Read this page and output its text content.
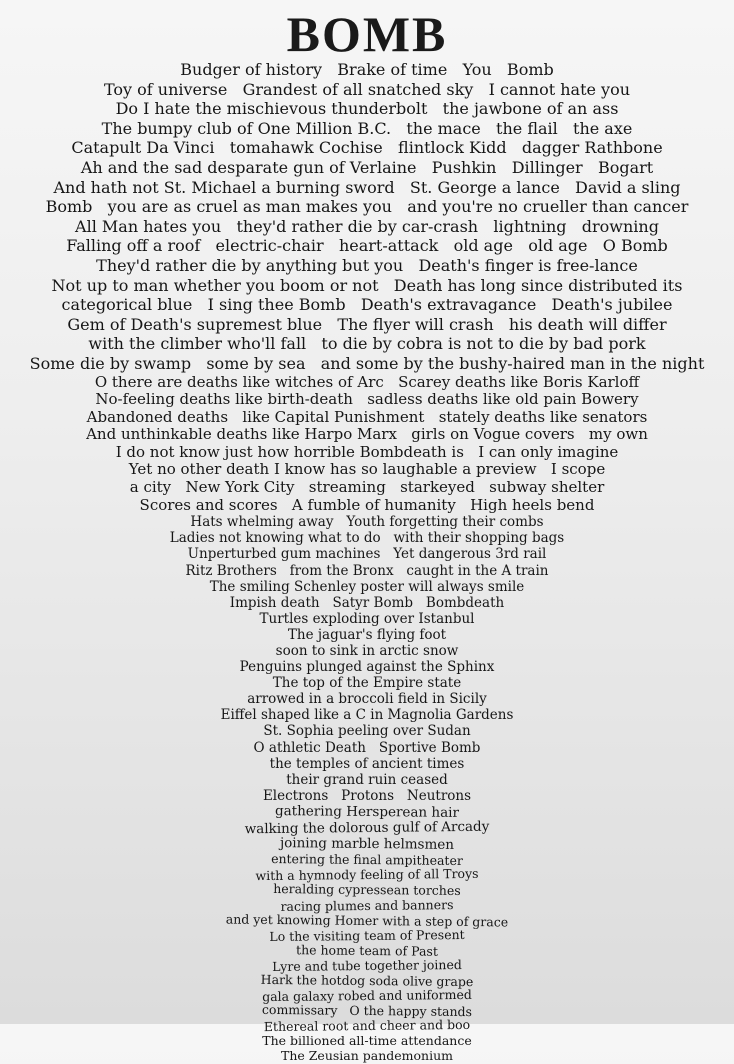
BOMB
Budger of history   Brake of time   You   Bomb
Toy of universe   Grandest of all snatched sky   I cannot hate you
Do I hate the mischievous thunderbolt   the jawbone of an ass
The bumpy club of One Million B.C.   the mace   the flail   the axe
Catapult Da Vinci   tomahawk Cochise   flintlock Kidd   dagger Rathbone
Ah and the sad desparate gun of Verlaine   Pushkin   Dillinger   Bogart
And hath not St. Michael a burning sword   St. George a lance   David a sling
Bomb   you are as cruel as man makes you   and you're no crueller than cancer
All Man hates you   they'd rather die by car-crash   lightning   drowning
Falling off a roof   electric-chair   heart-attack   old age   old age   O Bomb
They'd rather die by anything but you   Death's finger is free-lance
Not up to man whether you boom or not   Death has long since distributed its
categorical blue   I sing thee Bomb   Death's extravagance   Death's jubilee
Gem of Death's supremest blue   The flyer will crash   his death will differ
with the climber who'll fall   to die by cobra is not to die by bad pork
Some die by swamp   some by sea   and some by the bushy-haired man in the night
O there are deaths like witches of Arc   Scarey deaths like Boris Karloff
No-feeling deaths like birth-death   sadless deaths like old pain Bowery
Abandoned deaths   like Capital Punishment   stately deaths like senators
And unthinkable deaths like Harpo Marx   girls on Vogue covers   my own
I do not know just how horrible Bombdeath is   I can only imagine
Yet no other death I know has so laughable a preview   I scope
a city   New York City   streaming   starkeyed   subway shelter
Scores and scores   A fumble of humanity   High heels bend
Hats whelming away   Youth forgetting their combs
Ladies not knowing what to do   with their shopping bags
Unperturbed gum machines   Yet dangerous 3rd rail
Ritz Brothers   from the Bronx   caught in the A train
The smiling Schenley poster will always smile
Impish death   Satyr Bomb   Bombdeath
Turtles exploding over Istanbul
The jaguar's flying foot
soon to sink in arctic snow
Penguins plunged against the Sphinx
The top of the Empire state
arrowed in a broccoli field in Sicily
Eiffel shaped like a C in Magnolia Gardens
St. Sophia peeling over Sudan
O athletic Death   Sportive Bomb
the temples of ancient times
their grand ruin ceased
Electrons   Protons   Neutrons
gathering Hersperean hair
walking the dolorous gulf of Arcady
joining marble helmsmen
entering the final ampitheater
with a hymnody feeling of all Troys
heralding cypressean torches
racing plumes and banners
and yet knowing Homer with a step of grace
Lo the visiting team of Present
the home team of Past
Lyre and tube together joined
Hark the hotdog soda olive grape
gala galaxy robed and uniformed
commissary   O the happy stands
Ethereal root and cheer and boo
The billioned all-time attendance
The Zeusian pandemonium
